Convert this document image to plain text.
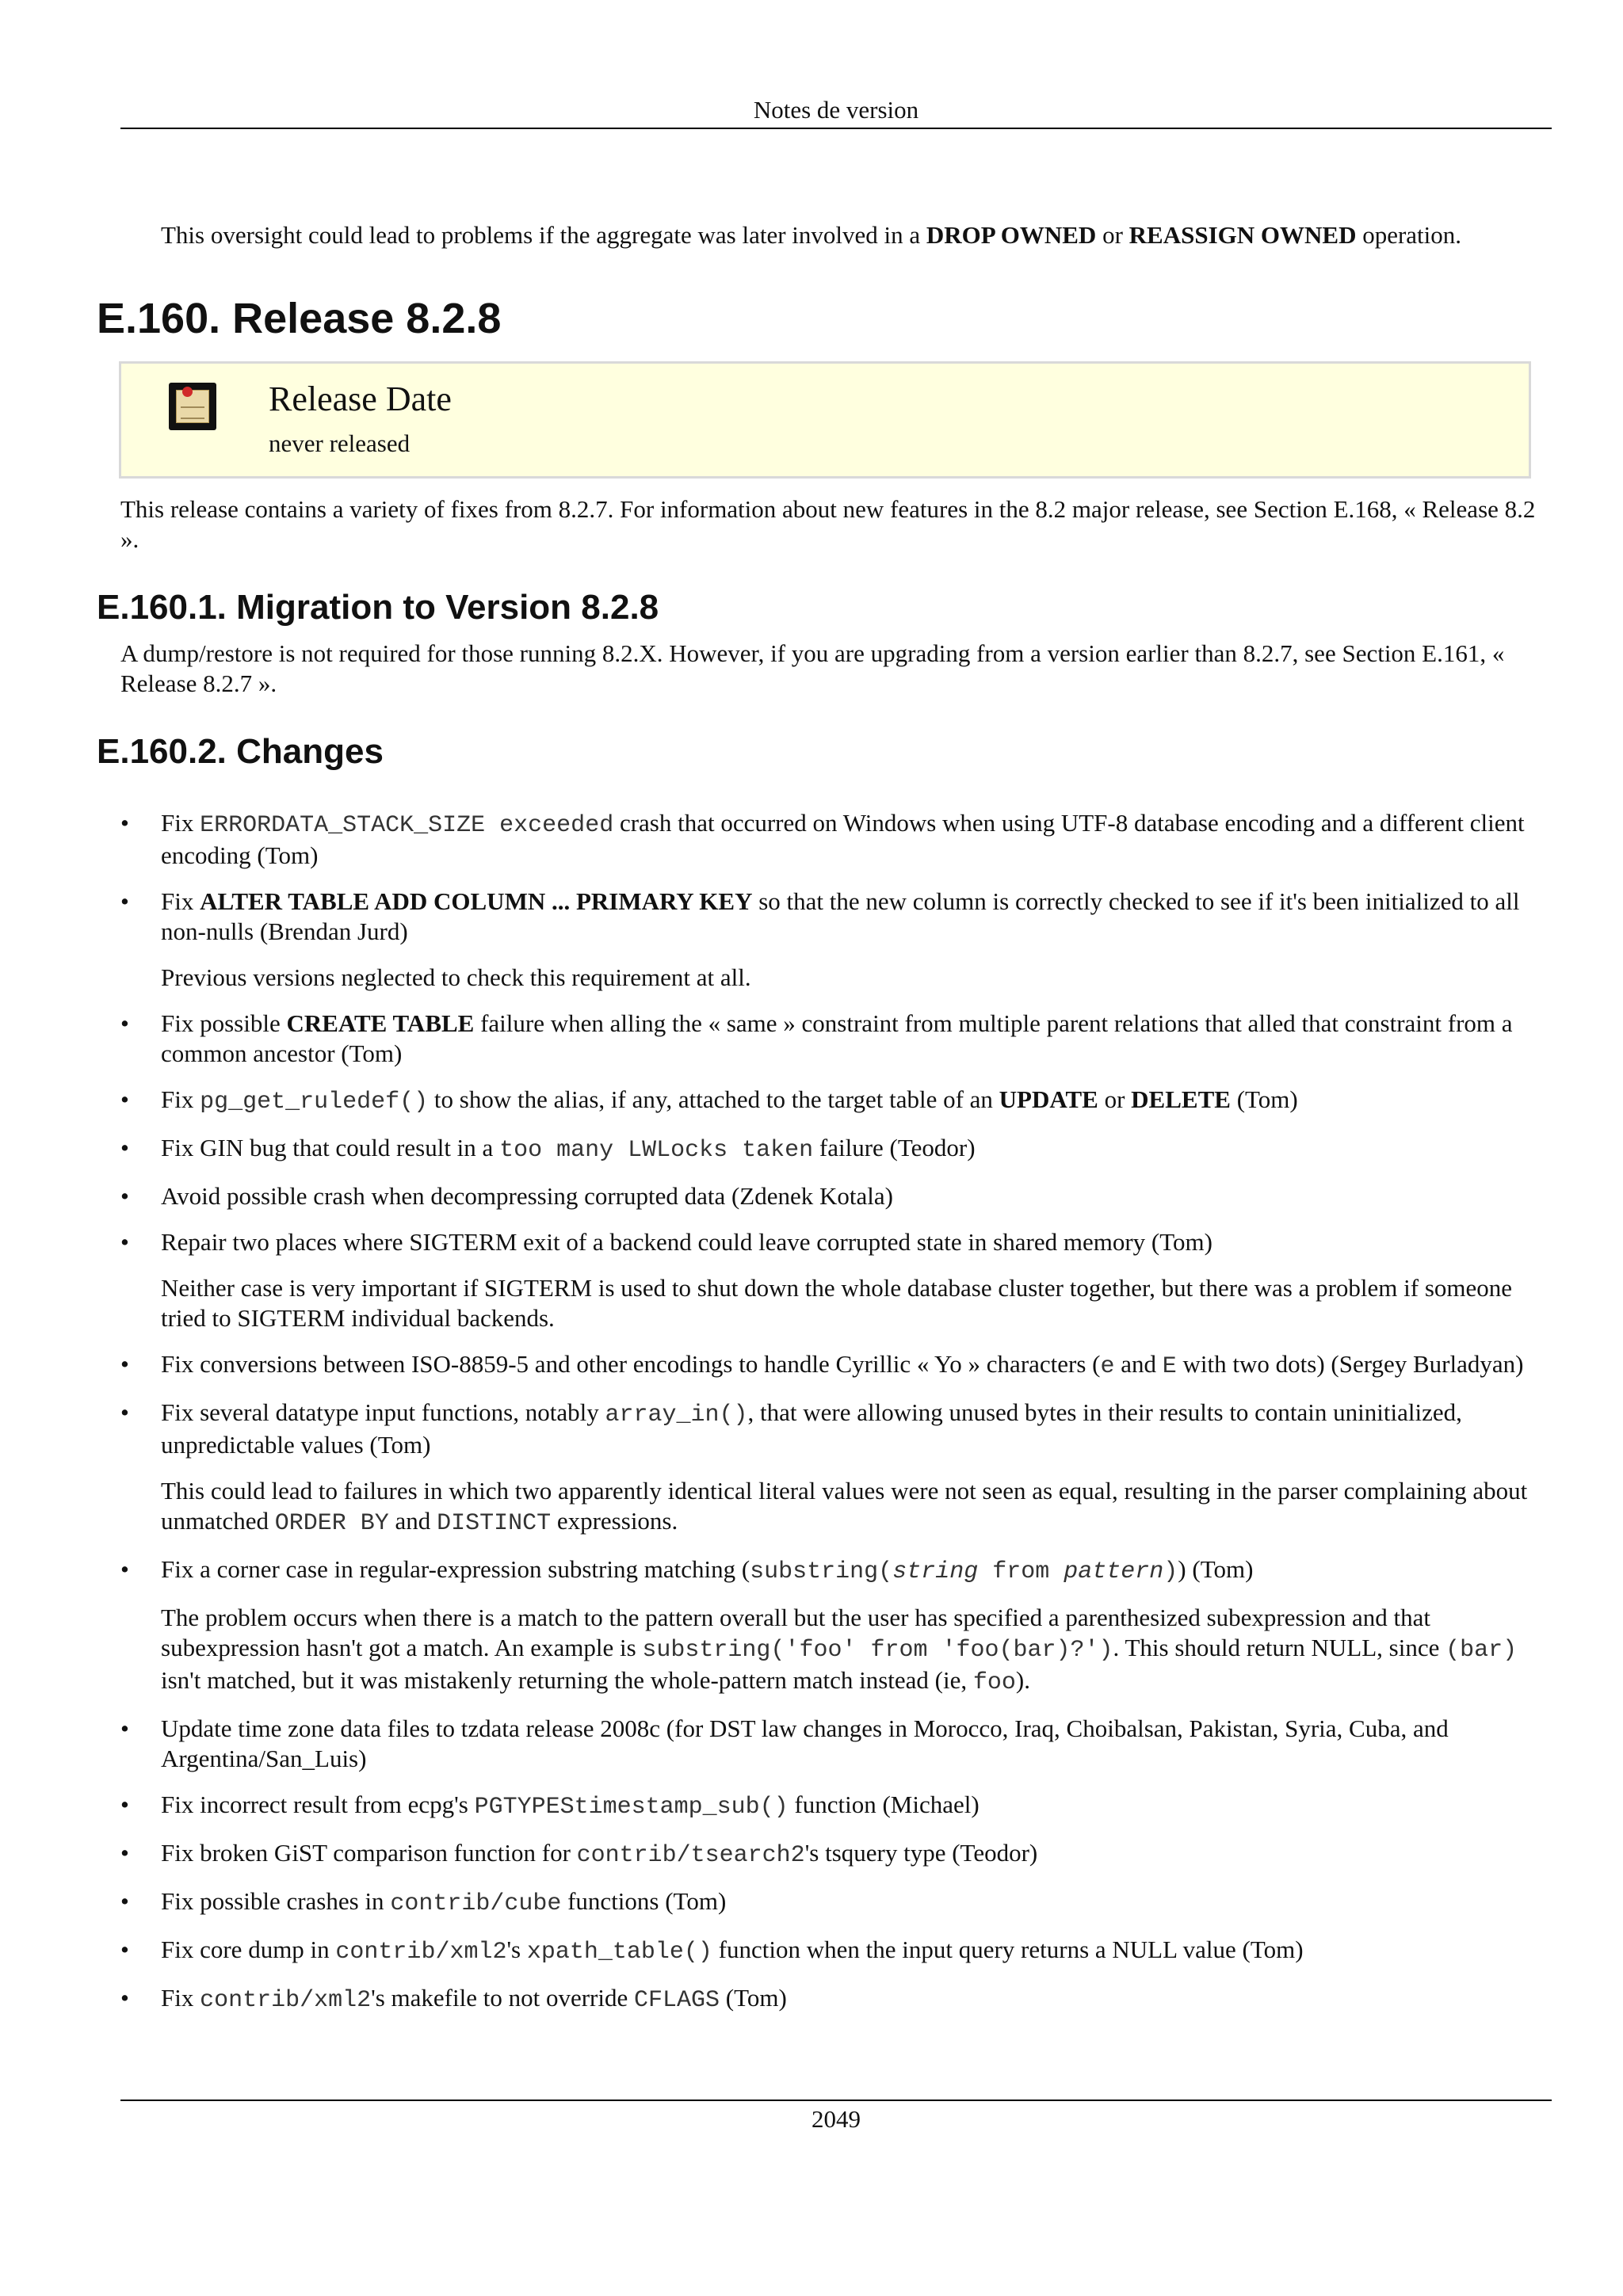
Notes de version

This oversight could lead to problems if the aggregate was later involved in a DROP OWNED or REASSIGN OWNED operation.

E.160. Release 8.2.8
Release Date

never released

This release contains a variety of fixes from 8.2.7. For information about new features in the 8.2 major release, see Section E.168, « Release 8.2 ».

E.160.1. Migration to Version 8.2.8

A dump/restore is not required for those running 8.2.X. However, if you are upgrading from a version earlier than 8.2.7, see Section E.161, « Release 8.2.7 ».

E.160.2. Changes
• Fix ERRORDATA_STACK_SIZE exceeded crash that occurred on Windows when using UTF-8 database encoding and a different client encoding (Tom)
• Fix ALTER TABLE ADD COLUMN ... PRIMARY KEY so that the new column is correctly checked to see if it's been initialized to all non-nulls (Brendan Jurd)

Previous versions neglected to check this requirement at all.

• Fix possible CREATE TABLE failure when alling the « same » constraint from multiple parent relations that alled that constraint from a common ancestor (Tom)
• Fix pg_get_ruledef() to show the alias, if any, attached to the target table of an UPDATE or DELETE (Tom)
• Fix GIN bug that could result in a too many LWLocks taken failure (Teodor)
• Avoid possible crash when decompressing corrupted data (Zdenek Kotala)
• Repair two places where SIGTERM exit of a backend could leave corrupted state in shared memory (Tom)

Neither case is very important if SIGTERM is used to shut down the whole database cluster together, but there was a problem if someone tried to SIGTERM individual backends.

• Fix conversions between ISO-8859-5 and other encodings to handle Cyrillic « Yo » characters (e and E with two dots) (Sergey Burladyan)
• Fix several datatype input functions, notably array_in(), that were allowing unused bytes in their results to contain uninitialized, unpredictable values (Tom)

This could lead to failures in which two apparently identical literal values were not seen as equal, resulting in the parser complaining about unmatched ORDER BY and DISTINCT expressions.

• Fix a corner case in regular-expression substring matching (substring(string from pattern)) (Tom)

The problem occurs when there is a match to the pattern overall but the user has specified a parenthesized subexpression and that subexpression hasn't got a match. An example is substring('foo' from 'foo(bar)?'). This should return NULL, since (bar) isn't matched, but it was mistakenly returning the whole-pattern match instead (ie, foo).

• Update time zone data files to tzdata release 2008c (for DST law changes in Morocco, Iraq, Choibalsan, Pakistan, Syria, Cuba, and Argentina/San_Luis)
• Fix incorrect result from ecpg's PGTYPEStimestamp_sub() function (Michael)
• Fix broken GiST comparison function for contrib/tsearch2's tsquery type (Teodor)
• Fix possible crashes in contrib/cube functions (Tom)
• Fix core dump in contrib/xml2's xpath_table() function when the input query returns a NULL value (Tom)
• Fix contrib/xml2's makefile to not override CFLAGS (Tom)
2049
